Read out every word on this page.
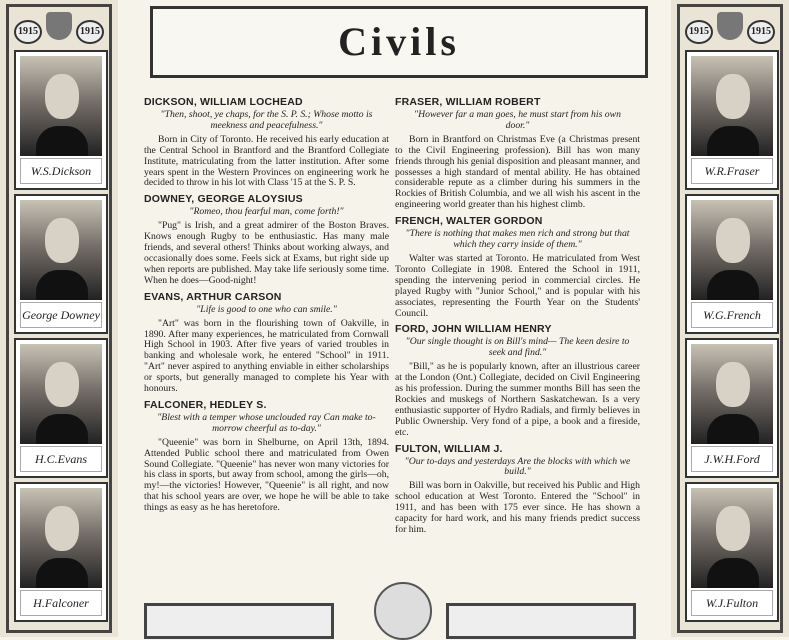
1915	1915
W.S.Dickson
George Downey
H.C.Evans
H.Falconer
Civils
DICKSON, WILLIAM LOCHEAD
"Then, shoot, ye chaps, for the S. P. S.; Whose motto is meekness and peacefulness."
Born in City of Toronto. He received his early education at the Central School in Brantford and the Brantford Collegiate Institute, matriculating from the latter institution. After some years spent in the Western Provinces on engineering work he decided to throw in his lot with Class '15 at the S. P. S.
DOWNEY, GEORGE ALOYSIUS
"Romeo, thou fearful man, come forth!"
"Pug" is Irish, and a great admirer of the Boston Braves. Knows enough Rugby to be enthusiastic. Has many male friends, and several others! Thinks about working always, and occasionally does some. Feels sick at Exams, but right side up when reports are published. May take life seriously some time. When he does—Good-night!
EVANS, ARTHUR CARSON
"Life is good to one who can smile."
"Art" was born in the flourishing town of Oakville, in 1890. After many experiences, he matriculated from Cornwall High School in 1903. After five years of varied troubles in banking and wholesale work, he entered "School" in 1911. "Art" never aspired to anything enviable in either scholarships or sports, but generally managed to complete his Year with honours.
FALCONER, HEDLEY S.
"Blest with a temper whose unclouded ray Can make to-morrow cheerful as to-day."
"Queenie" was born in Shelburne, on April 13th, 1894. Attended Public school there and matriculated from Owen Sound Collegiate. "Queenie" has never won many victories for his class in sports, but away from school, among the girls—oh, my!—the victories! However, "Queenie" is all right, and now that his school years are over, we hope he will be able to take things as easy as he has heretofore.
FRASER, WILLIAM ROBERT
"However far a man goes, he must start from his own door."
Born in Brantford on Christmas Eve (a Christmas present to the Civil Engineering profession). Bill has won many friends through his genial disposition and pleasant manner, and possesses a high standard of mental ability. He has obtained considerable repute as a climber during his summers in the Rockies of British Columbia, and we all wish his ascent in the engineering world greater than his highest climb.
FRENCH, WALTER GORDON
"There is nothing that makes men rich and strong but that which they carry inside of them."
Walter was started at Toronto. He matriculated from West Toronto Collegiate in 1908. Entered the School in 1911, spending the intervening period in commercial circles. He played Rugby with "Junior School," and is popular with his associates, representing the Fourth Year on the Students' Council.
FORD, JOHN WILLIAM HENRY
"Our single thought is on Bill's mind— The keen desire to seek and find."
"Bill," as he is popularly known, after an illustrious career at the London (Ont.) Collegiate, decided on Civil Engineering as his profession. During the summer months Bill has seen the Rockies and muskegs of Northern Saskatchewan. Is a very enthusiastic supporter of Hydro Radials, and firmly believes in Public Ownership. Very fond of a pipe, a book and a fireside, etc.
FULTON, WILLIAM J.
"Our to-days and yesterdays Are the blocks with which we build."
Bill was born in Oakville, but received his Public and High school education at West Toronto. Entered the "School" in 1911, and has been with 175 ever since. He has shown a capacity for hard work, and his many friends predict success for him.
1915	1915
W.R.Fraser
W.G.French
J.W.H.Ford
W.J.Fulton
